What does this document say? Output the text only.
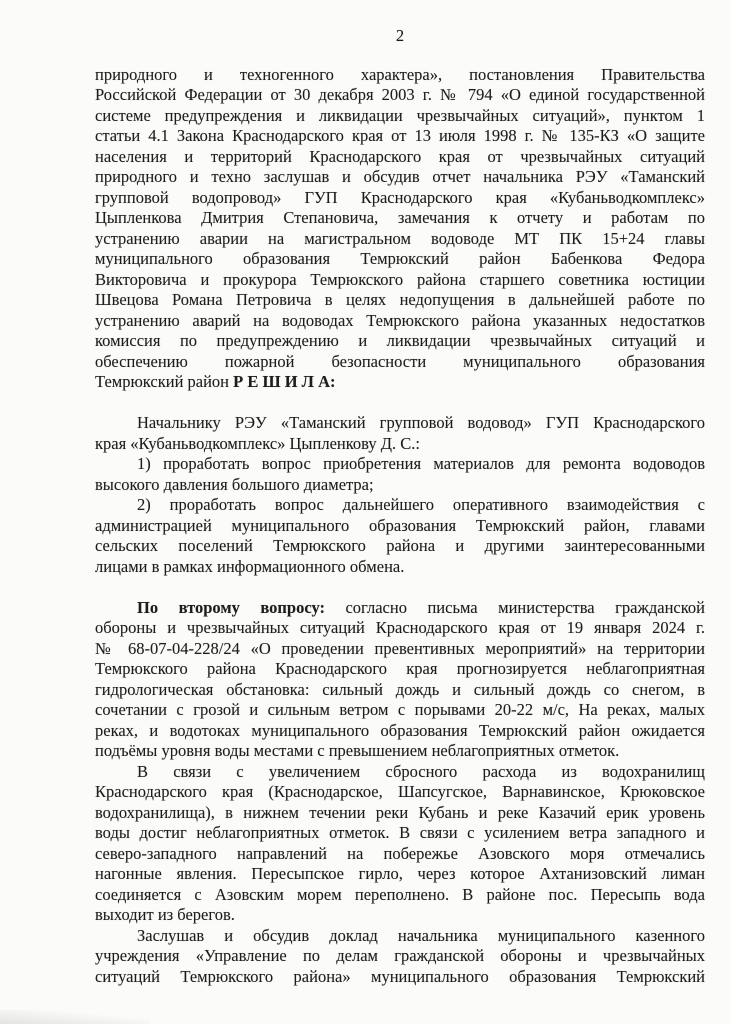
2
природного и техногенного характера», постановления Правительства
Российской Федерации от 30 декабря 2003 г. № 794 «О единой государственной
системе предупреждения и ликвидации чрезвычайных ситуаций», пунктом 1
статьи 4.1 Закона Краснодарского края от 13 июля 1998 г. № 135-КЗ «О защите
населения и территорий Краснодарского края от чрезвычайных ситуаций
природного и техно заслушав и обсудив отчет начальника РЭУ «Таманский
групповой водопровод» ГУП Краснодарского края «Кубаньводкомплекс»
Цыпленкова Дмитрия Степановича, замечания к отчету и работам по
устранению аварии на магистральном водоводе МТ ПК 15+24 главы
муниципального образования Темрюкский район Бабенкова Федора
Викторовича и прокурора Темрюкского района старшего советника юстиции
Швецова Романа Петровича в целях недопущения в дальнейшей работе по
устранению аварий на водоводах Темрюкского района указанных недостатков
комиссия по предупреждению и ликвидации чрезвычайных ситуаций и
обеспечению пожарной безопасности муниципального образования
Темрюкский район Р Е Ш И Л А:
Начальнику РЭУ «Таманский групповой водовод» ГУП Краснодарского
края «Кубаньводкомплекс» Цыпленкову Д. С.:
1) проработать вопрос приобретения материалов для ремонта водоводов
высокого давления большого диаметра;
2) проработать вопрос дальнейшего оперативного взаимодействия с
администрацией муниципального образования Темрюкский район, главами
сельских поселений Темрюкского района и другими заинтересованными
лицами в рамках информационного обмена.
По второму вопросу: согласно письма министерства гражданской
обороны и чрезвычайных ситуаций Краснодарского края от 19 января 2024 г.
№ 68-07-04-228/24 «О проведении превентивных мероприятий» на территории
Темрюкского района Краснодарского края прогнозируется неблагоприятная
гидрологическая обстановка: сильный дождь и сильный дождь со снегом, в
сочетании с грозой и сильным ветром с порывами 20-22 м/с, На реках, малых
реках, и водотоках муниципального образования Темрюкский район ожидается
подъёмы уровня воды местами с превышением неблагоприятных отметок.
В связи с увеличением сбросного расхода из водохранилищ
Краснодарского края (Краснодарское, Шапсугское, Варнавинское, Крюковское
водохранилища), в нижнем течении реки Кубань и реке Казачий ерик уровень
воды достиг неблагоприятных отметок. В связи с усилением ветра западного и
северо-западного направлений на побережье Азовского моря отмечались
нагонные явления. Пересыпское гирло, через которое Ахтанизовский лиман
соединяется с Азовским морем переполнено. В районе пос. Пересыпь вода
выходит из берегов.
Заслушав и обсудив доклад начальника муниципального казенного
учреждения «Управление по делам гражданской обороны и чрезвычайных
ситуаций Темрюкского района» муниципального образования Темрюкский
